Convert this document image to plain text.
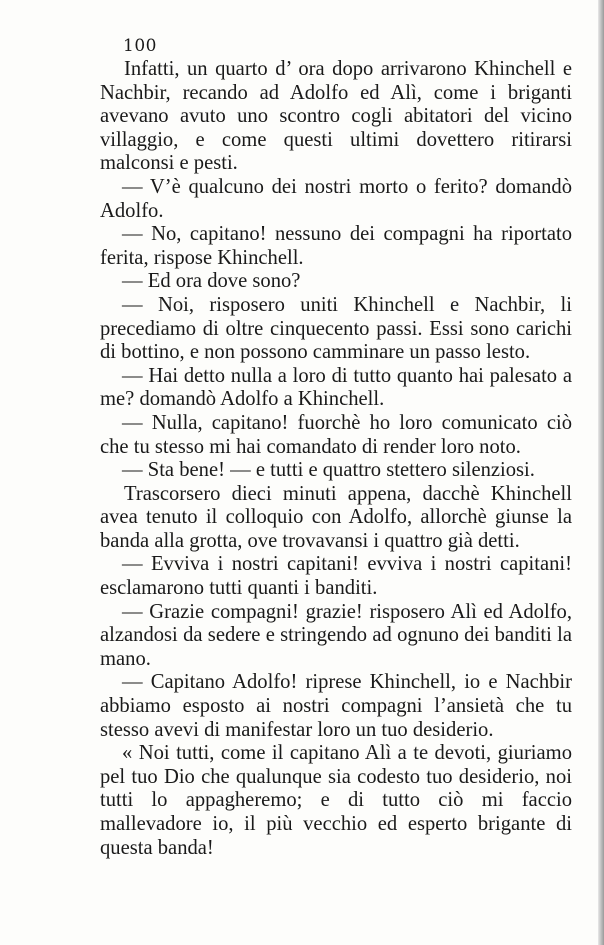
100

Infatti, un quarto d’ ora dopo arrivarono Khinchell e Nachbir, recando ad Adolfo ed Alì, come i briganti avevano avuto uno scontro cogli abitatori del vicino villaggio, e come questi ultimi dovettero ritirarsi malconsi e pesti.

— V’è qualcuno dei nostri morto o ferito? domandò Adolfo.

— No, capitano! nessuno dei compagni ha riportato ferita, rispose Khinchell.

— Ed ora dove sono?

— Noi, risposero uniti Khinchell e Nachbir, li precediamo di oltre cinquecento passi. Essi sono carichi di bottino, e non possono camminare un passo lesto.

— Hai detto nulla a loro di tutto quanto hai palesato a me? domandò Adolfo a Khinchell.

— Nulla, capitano! fuorchè ho loro comunicato ciò che tu stesso mi hai comandato di render loro noto.

— Sta bene! — e tutti e quattro stettero silenziosi.

Trascorsero dieci minuti appena, dacchè Khinchell avea tenuto il colloquio con Adolfo, allorchè giunse la banda alla grotta, ove trovavansi i quattro già detti.

— Evviva i nostri capitani! evviva i nostri capitani! esclamarono tutti quanti i banditi.

— Grazie compagni! grazie! risposero Alì ed Adolfo, alzandosi da sedere e stringendo ad ognuno dei banditi la mano.

— Capitano Adolfo! riprese Khinchell, io e Nachbir abbiamo esposto ai nostri compagni l’ansietà che tu stesso avevi di manifestar loro un tuo desiderio.

« Noi tutti, come il capitano Alì a te devoti, giuriamo pel tuo Dio che qualunque sia codesto tuo desiderio, noi tutti lo appagheremo; e di tutto ciò mi faccio mallevadore io, il più vecchio ed esperto brigante di questa banda!
